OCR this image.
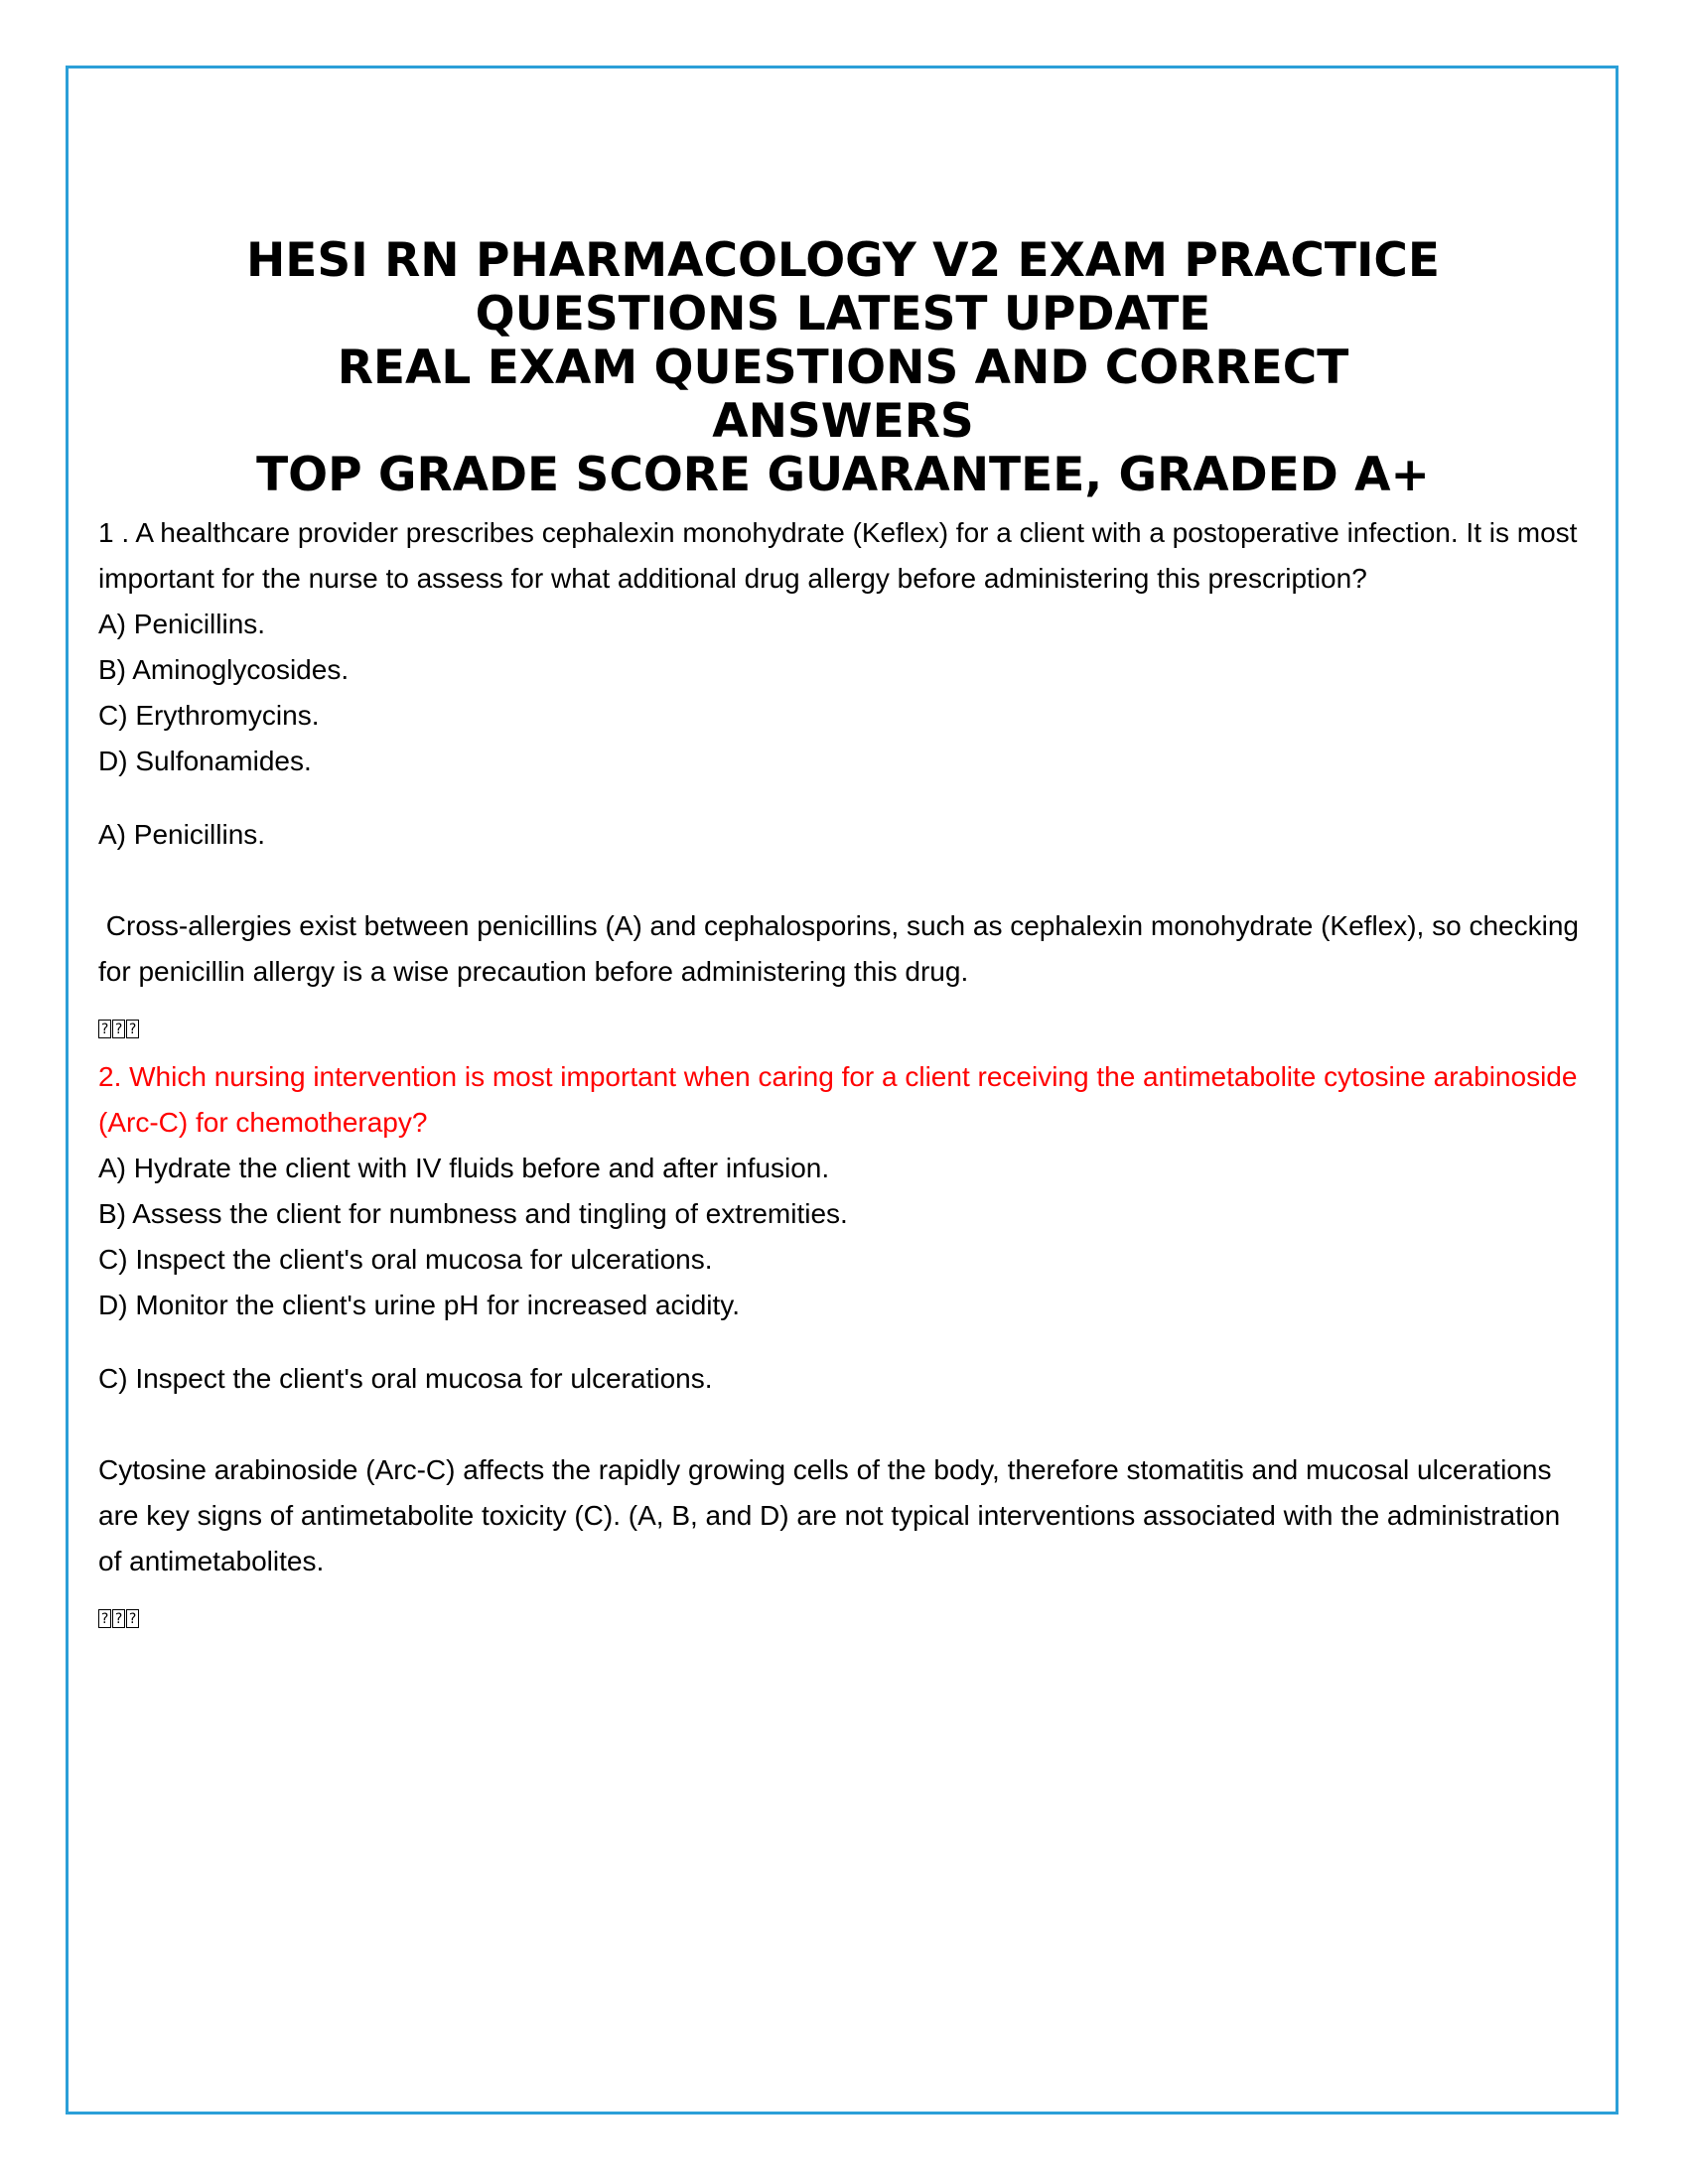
HESI RN PHARMACOLOGY V2 EXAM PRACTICE
QUESTIONS LATEST UPDATE
REAL EXAM QUESTIONS AND CORRECT
ANSWERS
TOP GRADE SCORE GUARANTEE, GRADED A+

1 . A healthcare provider prescribes cephalexin monohydrate (Keflex) for a client with a postoperative infection. It is most important for the nurse to assess for what additional drug allergy before administering this prescription?

A) Penicillins.

B) Aminoglycosides.

C) Erythromycins.

D) Sulfonamides.

A) Penicillins.

Cross-allergies exist between penicillins (A) and cephalosporins, such as cephalexin monohydrate (Keflex), so checking for penicillin allergy is a wise precaution before administering this drug.

? ? ?

2. Which nursing intervention is most important when caring for a client receiving the antimetabolite cytosine arabinoside (Arc-C) for chemotherapy?

A) Hydrate the client with IV fluids before and after infusion.

B) Assess the client for numbness and tingling of extremities.

C) Inspect the client's oral mucosa for ulcerations.

D) Monitor the client's urine pH for increased acidity.

C) Inspect the client's oral mucosa for ulcerations.

Cytosine arabinoside (Arc-C) affects the rapidly growing cells of the body, therefore stomatitis and mucosal ulcerations are key signs of antimetabolite toxicity (C). (A, B, and D) are not typical interventions associated with the administration of antimetabolites.

? ? ?
